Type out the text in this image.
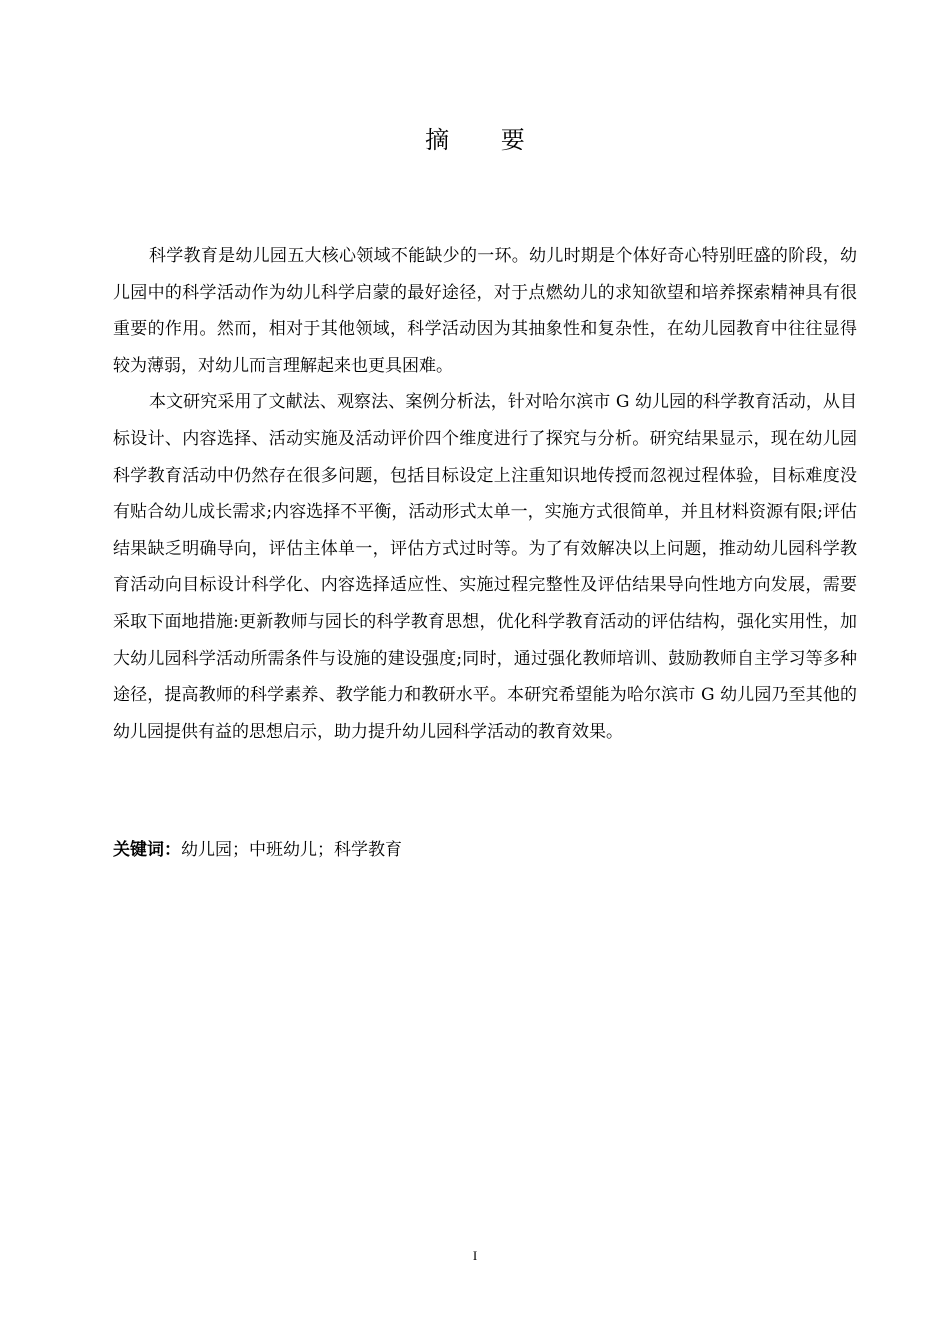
摘 要

科学教育是幼儿园五大核心领域不能缺少的一环。幼儿时期是个体好奇心特别旺盛的阶段，幼儿园中的科学活动作为幼儿科学启蒙的最好途径，对于点燃幼儿的求知欲望和培养探索精神具有很重要的作用。然而，相对于其他领域，科学活动因为其抽象性和复杂性，在幼儿园教育中往往显得较为薄弱，对幼儿而言理解起来也更具困难。

本文研究采用了文献法、观察法、案例分析法，针对哈尔滨市 G 幼儿园的科学教育活动，从目标设计、内容选择、活动实施及活动评价四个维度进行了探究与分析。研究结果显示，现在幼儿园科学教育活动中仍然存在很多问题，包括目标设定上注重知识地传授而忽视过程体验，目标难度没有贴合幼儿成长需求;内容选择不平衡，活动形式太单一，实施方式很简单，并且材料资源有限;评估结果缺乏明确导向，评估主体单一，评估方式过时等。为了有效解决以上问题，推动幼儿园科学教育活动向目标设计科学化、内容选择适应性、实施过程完整性及评估结果导向性地方向发展，需要采取下面地措施:更新教师与园长的科学教育思想，优化科学教育活动的评估结构，强化实用性，加大幼儿园科学活动所需条件与设施的建设强度;同时，通过强化教师培训、鼓励教师自主学习等多种途径，提高教师的科学素养、教学能力和教研水平。本研究希望能为哈尔滨市 G 幼儿园乃至其他的幼儿园提供有益的思想启示，助力提升幼儿园科学活动的教育效果。

关键词：幼儿园；中班幼儿；科学教育
I
